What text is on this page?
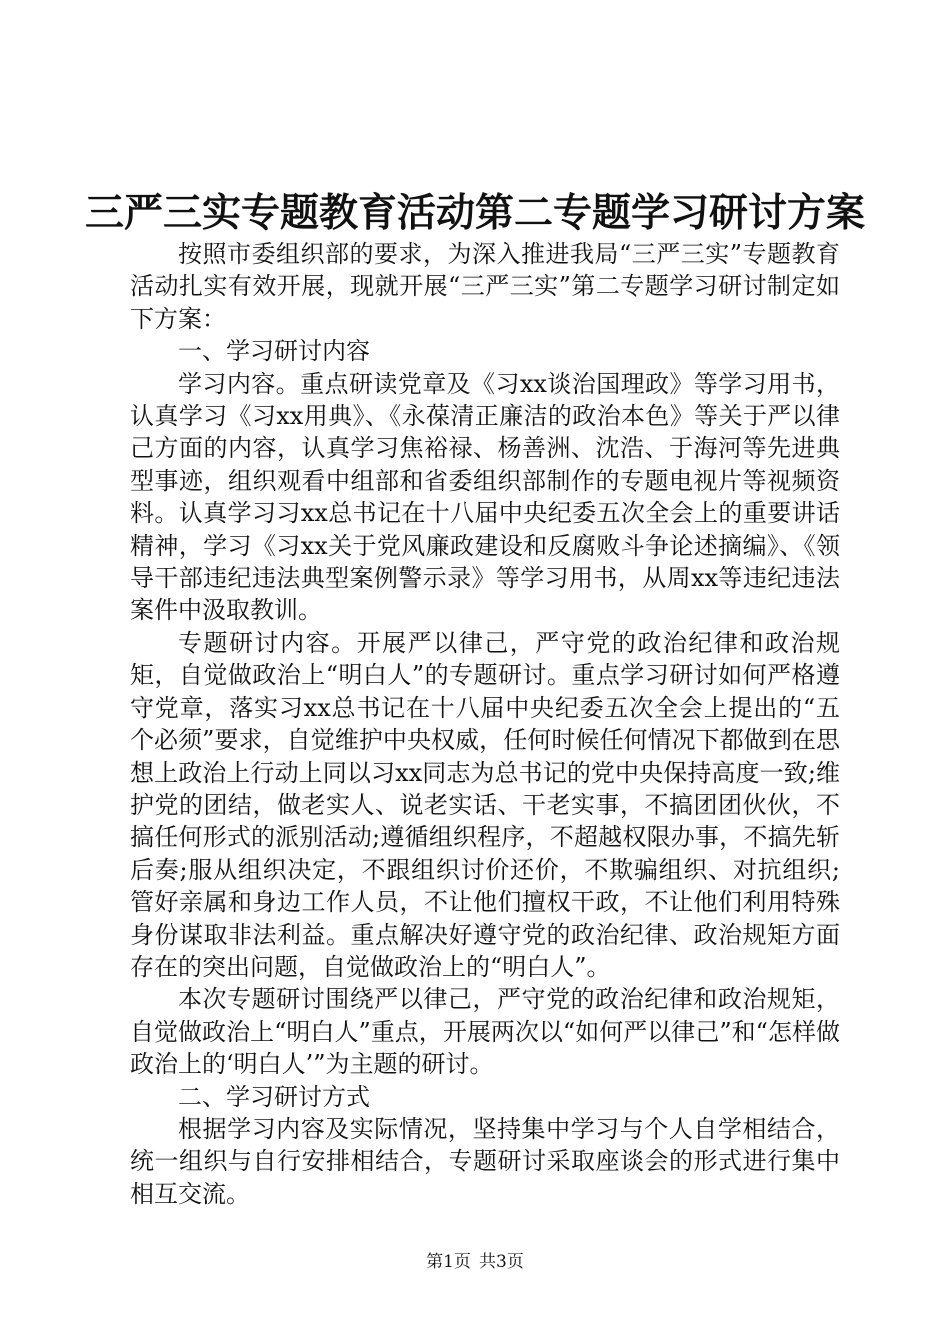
三严三实专题教育活动第二专题学习研讨方案

按照市委组织部的要求，为深入推进我局“三严三实”专题教育活动扎实有效开展，现就开展“三严三实”第二专题学习研讨制定如下方案：

一、学习研讨内容

学习内容。重点研读党章及《习xx谈治国理政》等学习用书，认真学习《习xx用典》、《永葆清正廉洁的政治本色》等关于严以律己方面的内容，认真学习焦裕禄、杨善洲、沈浩、于海河等先进典型事迹，组织观看中组部和省委组织部制作的专题电视片等视频资料。认真学习习xx总书记在十八届中央纪委五次全会上的重要讲话精神，学习《习xx关于党风廉政建设和反腐败斗争论述摘编》、《领导干部违纪违法典型案例警示录》等学习用书，从周xx等违纪违法案件中汲取教训。

专题研讨内容。开展严以律己，严守党的政治纪律和政治规矩，自觉做政治上“明白人”的专题研讨。重点学习研讨如何严格遵守党章，落实习xx总书记在十八届中央纪委五次全会上提出的“五个必须”要求，自觉维护中央权威，任何时候任何情况下都做到在思想上政治上行动上同以习xx同志为总书记的党中央保持高度一致;维护党的团结，做老实人、说老实话、干老实事，不搞团团伙伙，不搞任何形式的派别活动;遵循组织程序，不超越权限办事，不搞先斩后奏;服从组织决定，不跟组织讨价还价，不欺骗组织、对抗组织;管好亲属和身边工作人员，不让他们擅权干政，不让他们利用特殊身份谋取非法利益。重点解决好遵守党的政治纪律、政治规矩方面存在的突出问题，自觉做政治上的“明白人”。

本次专题研讨围绕严以律己，严守党的政治纪律和政治规矩，自觉做政治上“明白人”重点，开展两次以“如何严以律己”和“怎样做政治上的‘明白人’”为主题的研讨。

二、学习研讨方式

根据学习内容及实际情况，坚持集中学习与个人自学相结合，统一组织与自行安排相结合，专题研讨采取座谈会的形式进行集中相互交流。

第1页 共3页
